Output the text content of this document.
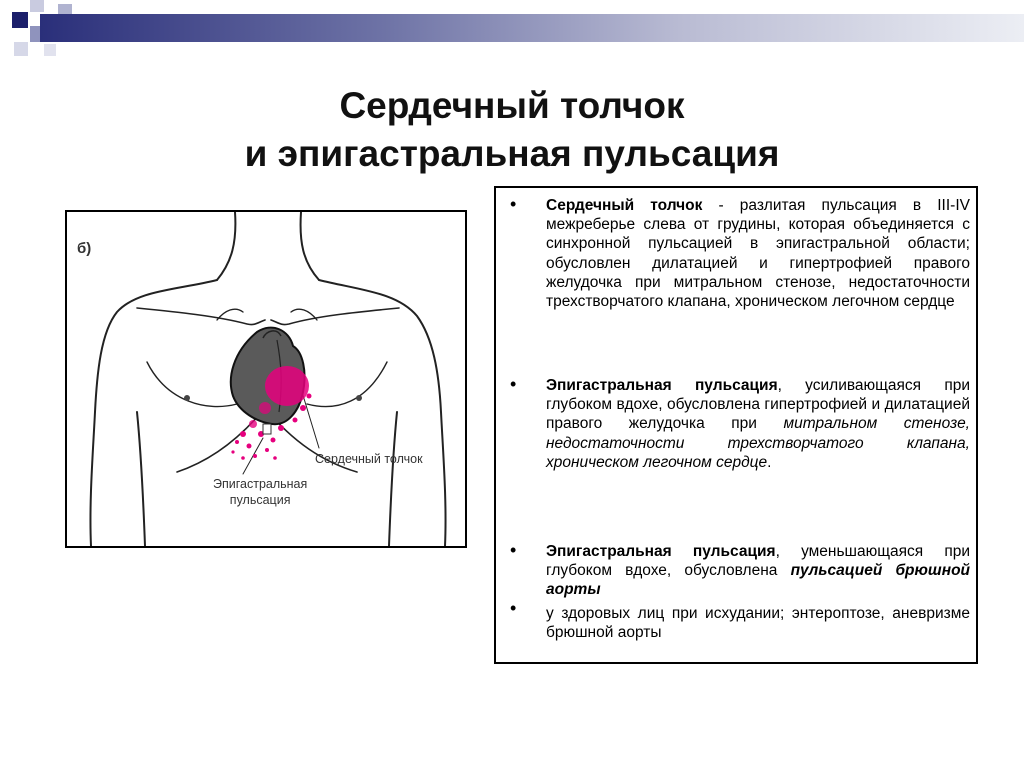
Сердечный толчок
и эпигастральная пульсация
б)
Сердечный толчок
Эпигастральная
пульсация
• Сердечный толчок - разлитая пульсация в III-IV межреберье слева от грудины, которая объединяется с синхронной пульсацией в эпигастральной области; обусловлен дилатацией и гипертрофией правого желудочка при митральном стенозе, недостаточности трехстворчатого клапана, хроническом легочном сердце
• Эпигастральная пульсация, усиливающаяся при глубоком вдохе, обусловлена гипертрофией и дилатацией правого желудочка при митральном стенозе, недостаточности трехстворчатого клапана, хроническом легочном сердце.
• Эпигастральная пульсация, уменьшающаяся при глубоком вдохе, обусловлена пульсацией брюшной аорты
• у здоровых лиц при исхудании; энтероптозе, аневризме брюшной аорты
